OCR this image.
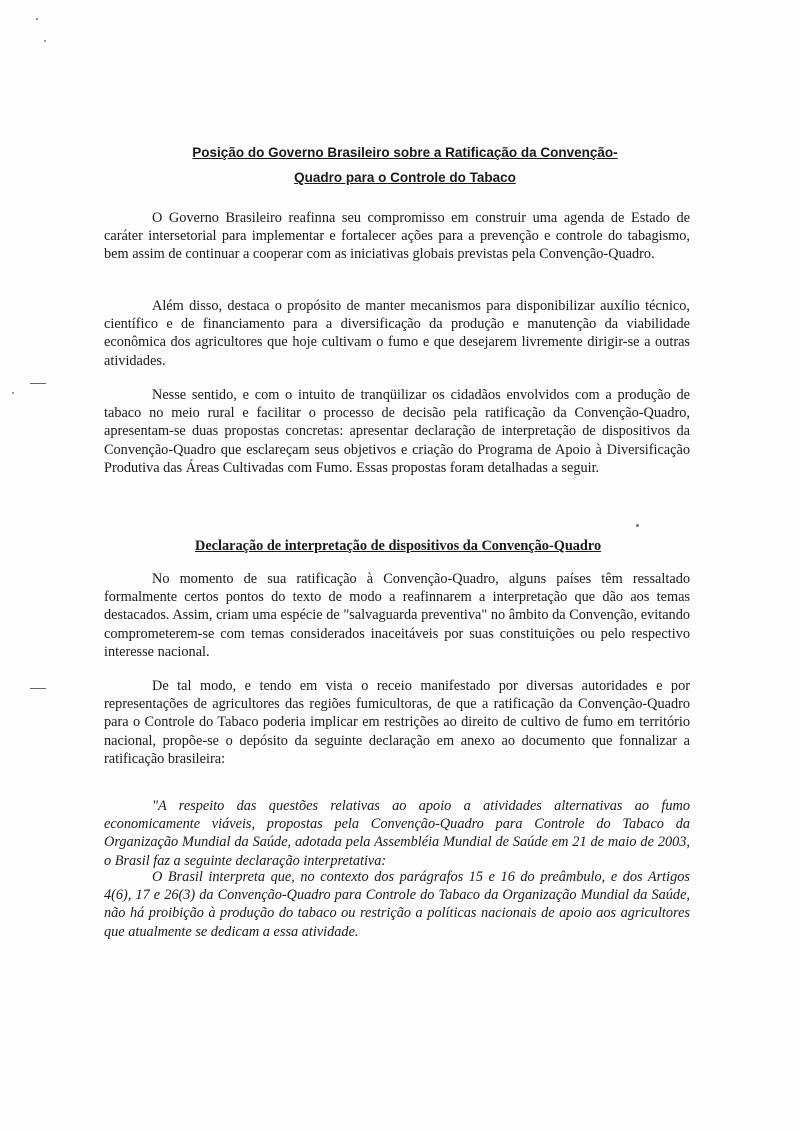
Posição do Governo Brasileiro sobre a Ratificação da Convenção-
Quadro para o Controle do Tabaco

O Governo Brasileiro reafinna seu compromisso em construir uma agenda de Estado de caráter intersetorial para implementar e fortalecer ações para a prevenção e controle do tabagismo, bem assim de continuar a cooperar com as iniciativas globais previstas pela Convenção-Quadro.

Além disso, destaca o propósito de manter mecanismos para disponibilizar auxílio técnico, científico e de financiamento para a diversificação da produção e manutenção da viabilidade econômica dos agricultores que hoje cultivam o fumo e que desejarem livremente dirigir-se a outras atividades.

Nesse sentido, e com o intuito de tranqüilizar os cidadãos envolvidos com a produção de tabaco no meio rural e facilitar o processo de decisão pela ratificação da Convenção-Quadro, apresentam-se duas propostas concretas: apresentar declaração de interpretação de dispositivos da Convenção-Quadro que esclareçam seus objetivos e criação do Programa de Apoio à Diversificação Produtiva das Áreas Cultivadas com Fumo. Essas propostas foram detalhadas a seguir.

Declaração de interpretação de dispositivos da Convenção-Quadro

No momento de sua ratificação à Convenção-Quadro, alguns países têm ressaltado formalmente certos pontos do texto de modo a reafinnarem a interpretação que dão aos temas destacados. Assim, criam uma espécie de "salvaguarda preventiva" no âmbito da Convenção, evitando comprometerem-se com temas considerados inaceitáveis por suas constituições ou pelo respectivo interesse nacional.

De tal modo, e tendo em vista o receio manifestado por diversas autoridades e por representações de agricultores das regiões fumicultoras, de que a ratificação da Convenção-Quadro para o Controle do Tabaco poderia implicar em restrições ao direito de cultivo de fumo em território nacional, propõe-se o depósito da seguinte declaração em anexo ao documento que fonnalizar a ratificação brasileira:

"A respeito das questões relativas ao apoio a atividades alternativas ao fumo economicamente viáveis, propostas pela Convenção-Quadro para Controle do Tabaco da Organização Mundial da Saúde, adotada pela Assembléia Mundial de Saúde em 21 de maio de 2003, o Brasil faz a seguinte declaração interpretativa:

O Brasil interpreta que, no contexto dos parágrafos 15 e 16 do preâmbulo, e dos Artigos 4(6), 17 e 26(3) da Convenção-Quadro para Controle do Tabaco da Organização Mundial da Saúde, não há proibição à produção do tabaco ou restrição a políticas nacionais de apoio aos agricultores que atualmente se dedicam a essa atividade.
